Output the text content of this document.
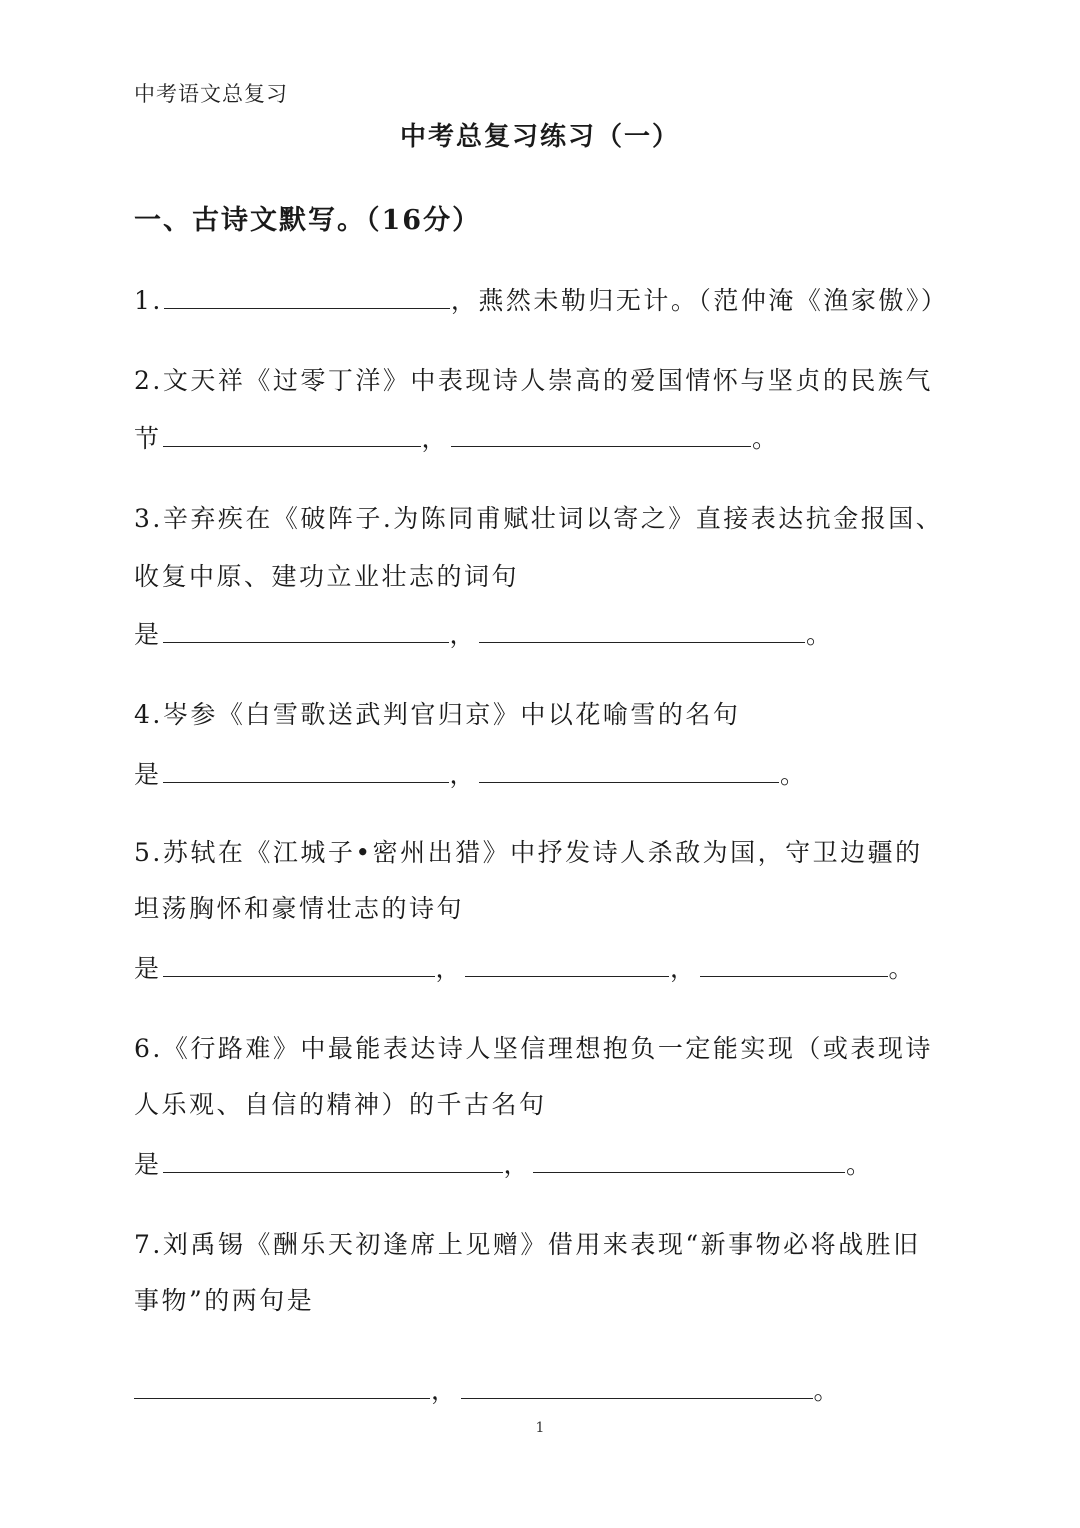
中考语文总复习
中考总复习练习（一）
一、古诗文默写。（16分）
1.	，燕然未勒归无计。（范仲淹《渔家傲》）
2.文天祥《过零丁洋》中表现诗人崇高的爱国情怀与坚贞的民族气
节	，	。
3.辛弃疾在《破阵子.为陈同甫赋壮词以寄之》直接表达抗金报国、
收复中原、建功立业壮志的词句
是	，	。
4.岑参《白雪歌送武判官归京》中以花喻雪的名句
是	，	。
5.苏轼在《江城子•密州出猎》中抒发诗人杀敌为国，守卫边疆的
坦荡胸怀和豪情壮志的诗句
是	，	，	。
6.《行路难》中最能表达诗人坚信理想抱负一定能实现（或表现诗
人乐观、自信的精神）的千古名句
是	，	。
7.刘禹锡《酬乐天初逢席上见赠》借用来表现“新事物必将战胜旧
事物”的两句是
，	。
1
